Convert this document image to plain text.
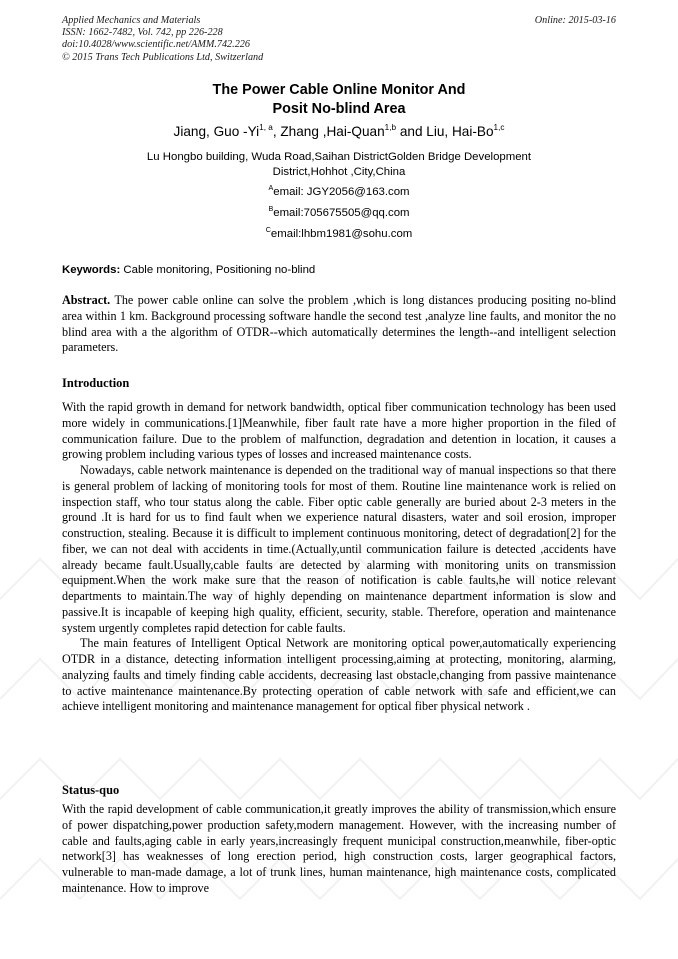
Applied Mechanics and Materials
ISSN: 1662-7482, Vol. 742, pp 226-228
doi:10.4028/www.scientific.net/AMM.742.226
© 2015 Trans Tech Publications Ltd, Switzerland
Online: 2015-03-16
The Power Cable Online Monitor And
Posit No-blind Area
Jiang, Guo -Yi$^{1, a}$, Zhang ,Hai-Quan$^{1,b}$ and Liu, Hai-Bo$^{1,c}$
Lu Hongbo building, Wuda Road,Saihan DistrictGolden Bridge Development
District,Hohhot ,City,China
$^A$email: JGY2056@163.com
$^B$email:705675505@qq.com
$^C$email:lhbm1981@sohu.com
Keywords: Cable monitoring, Positioning no-blind

Abstract. The power cable online can solve the problem ,which is long distances producing positing no-blind area within 1 km. Background processing software handle the second test ,analyze line faults, and monitor the no blind area with a the algorithm of OTDR--which automatically determines the length--and intelligent selection parameters.

Introduction

With the rapid growth in demand for network bandwidth, optical fiber communication technology has been used more widely in communications.[1]Meanwhile, fiber fault rate have a more higher proportion in the filed of communication failure. Due to the problem of malfunction, degradation and detention in location, it causes a growing problem including various types of losses and increased maintenance costs.

Nowadays, cable network maintenance is depended on the traditional way of manual inspections so that there is general problem of lacking of monitoring tools for most of them. Routine line maintenance work is relied on inspection staff, who tour status along the cable. Fiber optic cable generally are buried about 2-3 meters in the ground .It is hard for us to find fault when we experience natural disasters, water and soil erosion, improper construction, stealing. Because it is difficult to implement continuous monitoring, detect of degradation[2] for the fiber, we can not deal with accidents in time.(Actually,until communication failure is detected ,accidents have already became fault.Usually,cable faults are detected by alarming with monitoring units on transmission equipment.When the work make sure that the reason of notification is cable faults,he will notice relevant departments to maintain.The way of highly depending on maintenance department information is slow and passive.It is incapable of keeping high quality, efficient, security, stable. Therefore, operation and maintenance system urgently completes rapid detection for cable faults.

The main features of Intelligent Optical Network are monitoring optical power,automatically experiencing OTDR in a distance, detecting information intelligent processing,aiming at protecting, monitoring, alarming, analyzing faults and timely finding cable accidents, decreasing last obstacle,changing from passive maintenance to active maintenance maintenance.By protecting operation of cable network with safe and efficient,we can achieve intelligent monitoring and maintenance management for optical fiber physical network .

Status-quo

With the rapid development of cable communication,it greatly improves the ability of transmission,which ensure of power dispatching,power production safety,modern management. However, with the increasing number of cable and faults,aging cable in early years,increasingly frequent municipal construction,meanwhile, fiber-optic network[3] has weaknesses of long erection period, high construction costs, larger geographical factors, vulnerable to man-made damage, a lot of trunk lines, human maintenance, high maintenance costs, complicated maintenance. How to improve
